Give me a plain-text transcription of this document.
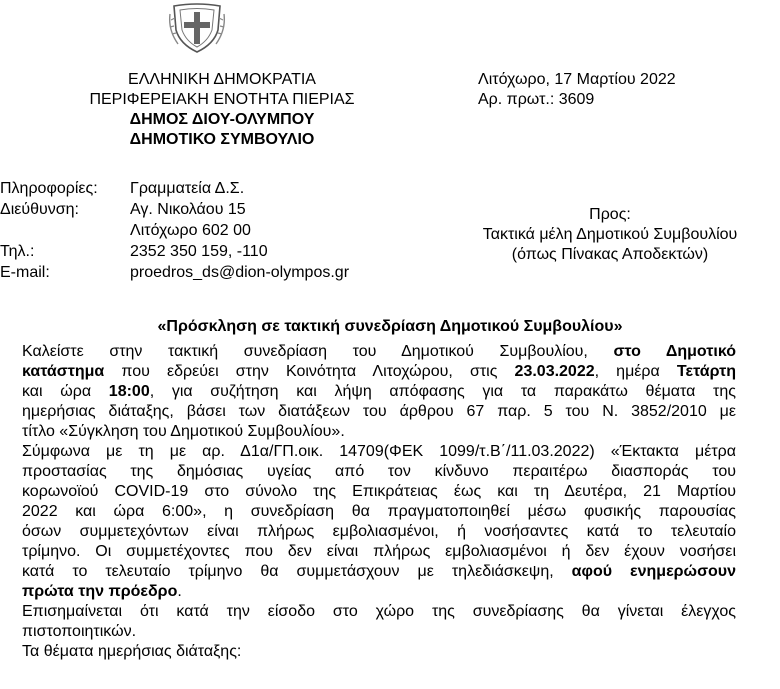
ΕΛΛΗΝΙΚΗ ΔΗΜΟΚΡΑΤΙΑ
ΠΕΡΙΦΕΡΕΙΑΚΗ ΕΝΟΤΗΤΑ ΠΙΕΡΙΑΣ
ΔΗΜΟΣ ΔΙΟΥ-ΟΛΥΜΠΟΥ
ΔΗΜΟΤΙΚΟ ΣΥΜΒΟΥΛΙΟ
Λιτόχωρο, 17 Μαρτίου 2022
Αρ. πρωτ.: 3609
Πληροφορίες:	Γραμματεία Δ.Σ.
Διεύθυνση:	Αγ. Νικολάου 15
Λιτόχωρο 602 00
Τηλ.:	2352 350 159, -110
E-mail:	proedros_ds@dion-olympos.gr
Προς:
Τακτικά μέλη Δημοτικού Συμβουλίου
(όπως Πίνακας Αποδεκτών)
«Πρόσκληση σε τακτική συνεδρίαση Δημοτικού Συμβουλίου»
Καλείστε στην τακτική συνεδρίαση του Δημοτικού Συμβουλίου, στο Δημοτικό
κατάστημα που εδρεύει στην Κοινότητα Λιτοχώρου, στις 23.03.2022, ημέρα Τετάρτη
και ώρα 18:00, για συζήτηση και λήψη απόφασης για τα παρακάτω θέματα της
ημερήσιας διάταξης, βάσει των διατάξεων του άρθρου 67 παρ. 5 του Ν. 3852/2010 με
τίτλο «Σύγκληση του Δημοτικού Συμβουλίου».
Σύμφωνα με τη με αρ. Δ1α/ΓΠ.οικ. 14709(ΦΕΚ 1099/τ.Β΄/11.03.2022) «Έκτακτα μέτρα
προστασίας της δημόσιας υγείας από τον κίνδυνο περαιτέρω διασποράς του
κορωνοϊού COVID-19 στο σύνολο της Επικράτειας έως και τη Δευτέρα, 21 Μαρτίου
2022 και ώρα 6:00», η συνεδρίαση θα πραγματοποιηθεί μέσω φυσικής παρουσίας
όσων συμμετεχόντων είναι πλήρως εμβολιασμένοι, ή νοσήσαντες κατά το τελευταίο
τρίμηνο. Οι συμμετέχοντες που δεν είναι πλήρως εμβολιασμένοι ή δεν έχουν νοσήσει
κατά το τελευταίο τρίμηνο θα συμμετάσχουν με τηλεδιάσκεψη, αφού ενημερώσουν
πρώτα την πρόεδρο.
Επισημαίνεται ότι κατά την είσοδο στο χώρο της συνεδρίασης θα γίνεται έλεγχος
πιστοποιητικών.
Τα θέματα ημερήσιας διάταξης:
